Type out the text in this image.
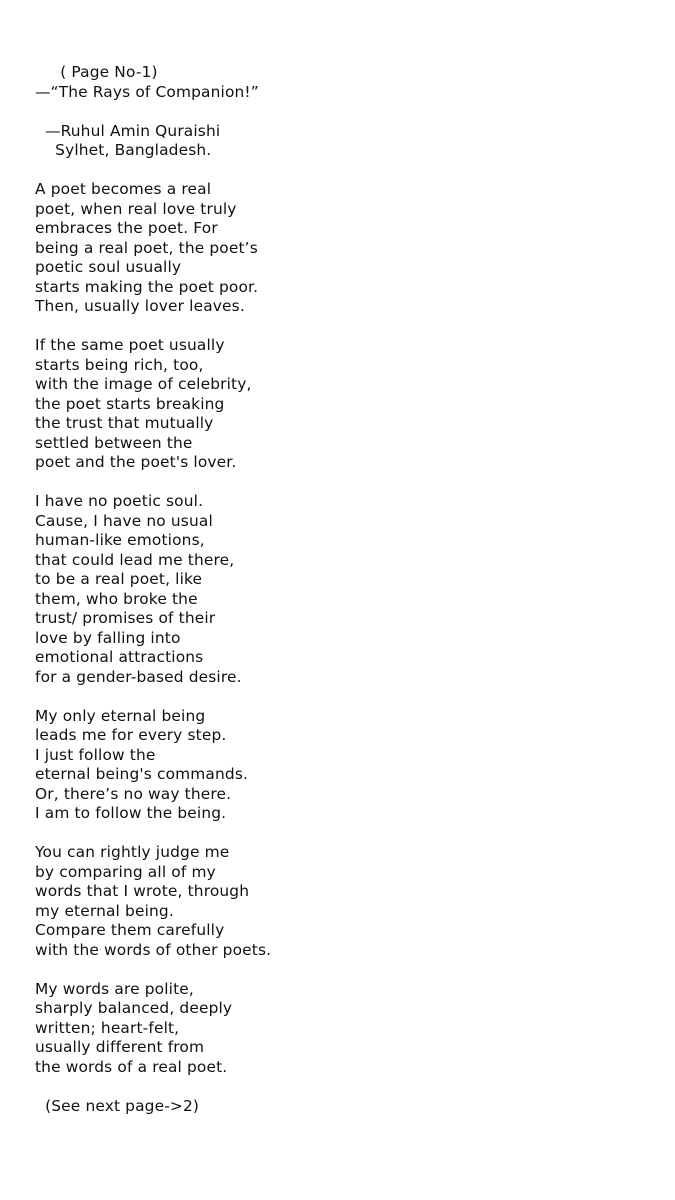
( Page No-1)
—“The Rays of Companion!”
—Ruhul Amin Quraishi
Sylhet, Bangladesh.
A poet becomes a real
poet, when real love truly
embraces the poet. For
being a real poet, the poet’s
poetic soul usually
starts making the poet poor.
Then, usually lover leaves.
If the same poet usually
starts being rich, too,
with the image of celebrity,
the poet starts breaking
the trust that mutually
settled between the
poet and the poet's lover.
I have no poetic soul.
Cause, I have no usual
human-like emotions,
that could lead me there,
to be a real poet, like
them, who broke the
trust/ promises of their
love by falling into
emotional attractions
for a gender-based desire.
My only eternal being
leads me for every step.
I just follow the
eternal being's commands.
Or, there’s no way there.
I am to follow the being.
You can rightly judge me
by comparing all of my
words that I wrote, through
my eternal being.
Compare them carefully
with the words of other poets.
My words are polite,
sharply balanced, deeply
written; heart-felt,
usually different from
the words of a real poet.
(See next page->2)
